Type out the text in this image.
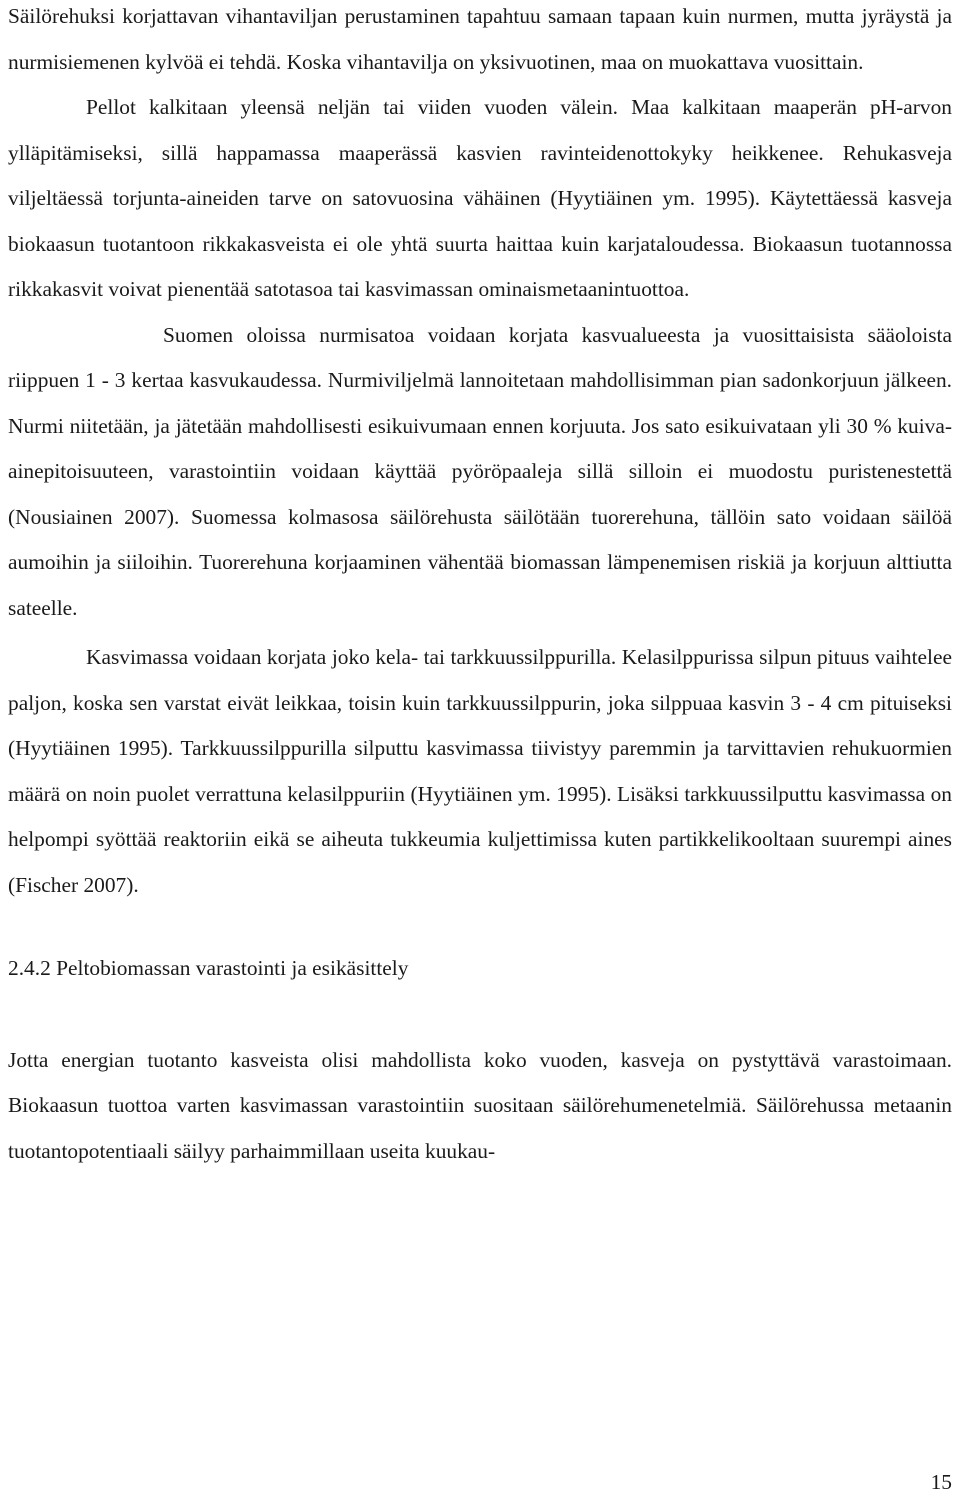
Säilörehuksi korjattavan vihantaviljan perustaminen tapahtuu samaan tapaan kuin nurmen, mutta jyräystä ja nurmisiemenen kylvöä ei tehdä. Koska vihantavilja on yksivuotinen, maa on muokattava vuosittain.

Pellot kalkitaan yleensä neljän tai viiden vuoden välein. Maa kalkitaan maaperän pH-arvon ylläpitämiseksi, sillä happamassa maaperässä kasvien ravinteidenottokyky heikkenee. Rehukasveja viljeltäessä torjunta-aineiden tarve on satovuosina vähäinen (Hyytiäinen ym. 1995). Käytettäessä kasveja biokaasun tuotantoon rikkakasveista ei ole yhtä suurta haittaa kuin karjataloudessa. Biokaasun tuotannossa rikkakasvit voivat pienentää satotasoa tai kasvimassan ominaismetaanintuottoa.

Suomen oloissa nurmisatoa voidaan korjata kasvualueesta ja vuosittaisista sääoloista riippuen 1 - 3 kertaa kasvukaudessa. Nurmiviljelmä lannoitetaan mahdollisimman pian sadonkorjuun jälkeen. Nurmi niitetään, ja jätetään mahdollisesti esikuivumaan ennen korjuuta. Jos sato esikuivataan yli 30 % kuiva-ainepitoisuuteen, varastointiin voidaan käyttää pyöröpaaleja sillä silloin ei muodostu puristenestettä (Nousiainen 2007). Suomessa kolmasosa säilörehusta säilötään tuorerehuna, tällöin sato voidaan säilöä aumoihin ja siiloihin. Tuorerehuna korjaaminen vähentää biomassan lämpenemisen riskiä ja korjuun alttiutta sateelle.

Kasvimassa voidaan korjata joko kela- tai tarkkuussilppurilla. Kelasilppurissa silpun pituus vaihtelee paljon, koska sen varstat eivät leikkaa, toisin kuin tarkkuussilppurin, joka silppuaa kasvin 3 - 4 cm pituiseksi (Hyytiäinen 1995). Tarkkuussilppurilla silputtu kasvimassa tiivistyy paremmin ja tarvittavien rehukuormien määrä on noin puolet verrattuna kelasilppuriin (Hyytiäinen ym. 1995). Lisäksi tarkkuussilputtu kasvimassa on helpompi syöttää reaktoriin eikä se aiheuta tukkeumia kuljettimissa kuten partikkelikooltaan suurempi aines (Fischer 2007).

2.4.2 Peltobiomassan varastointi ja esikäsittely

Jotta energian tuotanto kasveista olisi mahdollista koko vuoden, kasveja on pystyttävä varastoimaan. Biokaasun tuottoa varten kasvimassan varastointiin suositaan säilörehumenetelmiä. Säilörehussa metaanin tuotantopotentiaali säilyy parhaimmillaan useita kuukau-

15
